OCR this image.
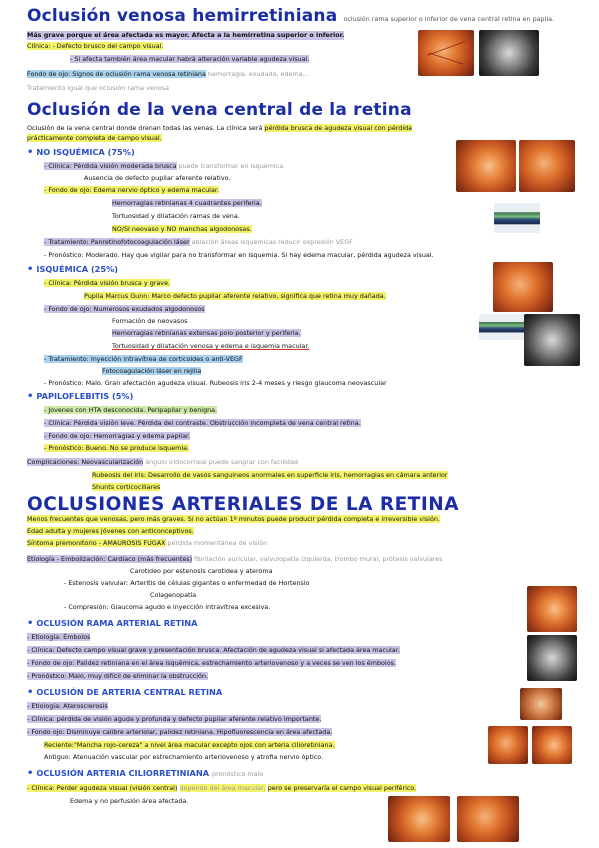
Oclusión venosa hemirretiniana oclusión rama superior o inferior de vena central retina en papila.
Más grave porque el área afectada es mayor. Afecta a la hemirretina superior o inferior.
Clínica: - Defecto brusco del campo visual.
- Si afecta también área macular habrá alteración variable agudeza visual.
Fondo de ojo: Signos de oclusión rama venosa retiniana hemorragia, exudado, edema...
Tratamiento igual que oclusión rama venosa
Oclusión de la vena central de la retina
Oclusión de la vena central donde drenan todas las venas. La clínica será pérdida brusca de agudeza visual con pérdida
prácticamente completa de campo visual.
• NO ISQUÉMICA (75%)
- Clínica: Pérdida visión moderada brusca puede transformar en isquémica.
Ausencia de defecto pupilar aferente relativo.
- Fondo de ojo: Edema nervio óptico y edema macular.
Hemorragias retinianas 4 cuadrantes periferia.
Tortuosidad y dilatación ramas de vena.
NO/SI neovaso y NO manchas algodonosas.
- Tratamiento: Panretinofotocoagulación láser ablación áreas isquemicas reducir expresión VEGF
- Pronóstico: Moderado. Hay que vigilar para no transformar en isquemia. Si hay edema macular, pérdida agudeza visual.
• ISQUÉMICA (25%)
- Clínica: Pérdida visión brusca y grave.
Pupila Marcus Gunn: Marco defecto pupilar aferente relativo, significa que retina muy dañada.
- Fondo de ojo: Numerosos exudados algodonosos
Formación de neovasos
Hemorragias retinianas extensas polo posterior y periferia.
Tortuosidad y dilatación venosa y edema e isquemia macular.
- Tratamiento: Inyección intravítrea de corticoides o anti-VEGF
Fotocoagulación láser en rejilla
- Pronóstico: Malo. Gran afectación agudeza visual. Rubeosis iris 2-4 meses y riesgo glaucoma neovascular
• PAPILOFLEBITIS (5%)
- Jovenes con HTA desconocida. Peripapilar y benigna.
- Clínica: Pérdida visión leve. Pérdida del contraste. Obstrucción incompleta de vena central retina.
- Fondo de ojo: Hemorragias y edema papilar.
- Pronóstico: Bueno. No se produce isquemia.
Complicaciones: Neovascularización ángulo iridocorneal puede sangrar con facilidad
Rubeosis del iris: Desarrollo de vasos sanguineos anormales en superficie iris, hemorragias en cámara anterior
Shunts corticociliares
OCLUSIONES ARTERIALES DE LA RETINA
Menos frecuentes que venosas, pero más graves. Si no actúan 1º minutos puede producir pérdida completa e irreversible visión.
Edad adulta y mujeres jóvenes con anticonceptivos.
Síntoma premonitorio - AMAUROSIS FUGAX pérdida momentánea de visión
Etiología - Embolización: Cardíaco (más frecuentes) fibrilación auricular, valvulopatía izquierda, trombo mural, prótesis valvulares
Carotideo por estenosis carotidea y ateroma
- Estenosis valvular: Arteritis de células gigantes o enfermedad de Hortensio
Colagenopatía
- Compresión: Glaucoma agudo e inyección intravítrea excesiva.
• OCLUSIÓN RAMA ARTERIAL RETINA
- Etiología: Émbolos
- Clínica: Defecto campo visual grave y presentación brusca. Afectación de agudeza visual si afectada área macular.
- Fondo de ojo: Palidez retiniana en el área isquémica, estrechamiento arteriovenoso y a veces se ven los émbolos.
- Pronóstico: Malo, muy difícil de eliminar la obstrucción.
• OCLUSIÓN DE ARTERIA CENTRAL RETINA
- Etiología: Aterosclerosis
- Clínica: pérdida de visión aguda y profunda y defecto pupilar aferente relativo importante.
- Fondo ojo: Disminuye calibre arteriolar, palidez retiniana. Hipofluorescencia en área afectada.
Reciente:"Mancha rojo-cereza" a nivel área macular excepto ojos con arteria cilioretiniana.
Antiguo: Atenuación vascular por estrechamiento arteriovenoso y atrofia nervio óptico.
• OCLUSIÓN ARTERIA CILIORRETINIANA pronóstico malo
- Clínica: Perder agudeza visual (visión central) depende del área macular, pero se preservaría el campo visual periférico.
Edema y no perfusión área afectada.
